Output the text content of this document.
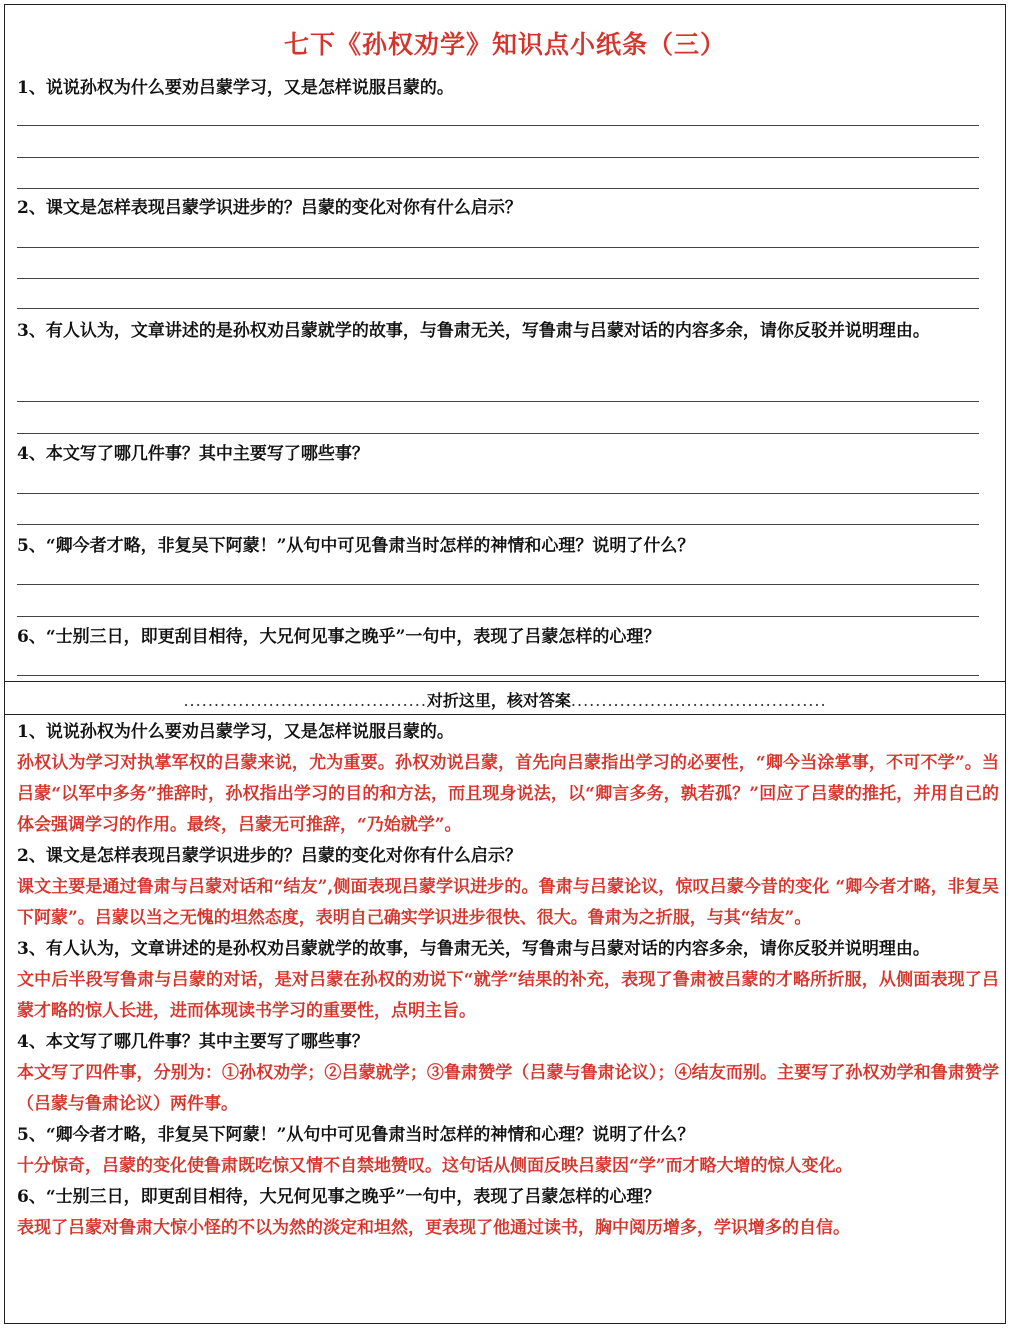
七下《孙权劝学》知识点小纸条（三）

1、说说孙权为什么要劝吕蒙学习，又是怎样说服吕蒙的。

2、课文是怎样表现吕蒙学识进步的？吕蒙的变化对你有什么启示？

3、有人认为，文章讲述的是孙权劝吕蒙就学的故事，与鲁肃无关，写鲁肃与吕蒙对话的内容多余，请你反驳并说明理由。

4、本文写了哪几件事？其中主要写了哪些事？

5、“卿今者才略，非复吴下阿蒙！”从句中可见鲁肃当时怎样的神情和心理？说明了什么？

6、“士别三日，即更刮目相待，大兄何见事之晚乎”一句中，表现了吕蒙怎样的心理？

........................................对折这里，核对答案..........................................

1、说说孙权为什么要劝吕蒙学习，又是怎样说服吕蒙的。

孙权认为学习对执掌军权的吕蒙来说，尤为重要。孙权劝说吕蒙，首先向吕蒙指出学习的必要性，“卿今当涂掌事，不可不学”。当吕蒙“以军中多务”推辞时，孙权指出学习的目的和方法，而且现身说法，以“卿言多务，孰若孤？”回应了吕蒙的推托，并用自己的体会强调学习的作用。最终，吕蒙无可推辞，“乃始就学”。

2、课文是怎样表现吕蒙学识进步的？吕蒙的变化对你有什么启示？

课文主要是通过鲁肃与吕蒙对话和“结友”,侧面表现吕蒙学识进步的。鲁肃与吕蒙论议，惊叹吕蒙今昔的变化 “卿今者才略，非复吴下阿蒙”。吕蒙以当之无愧的坦然态度，表明自己确实学识进步很快、很大。鲁肃为之折服，与其“结友”。

3、有人认为，文章讲述的是孙权劝吕蒙就学的故事，与鲁肃无关，写鲁肃与吕蒙对话的内容多余，请你反驳并说明理由。

文中后半段写鲁肃与吕蒙的对话，是对吕蒙在孙权的劝说下“就学”结果的补充，表现了鲁肃被吕蒙的才略所折服，从侧面表现了吕蒙才略的惊人长进，进而体现读书学习的重要性，点明主旨。

4、本文写了哪几件事？其中主要写了哪些事？

本文写了四件事，分别为：①孙权劝学；②吕蒙就学；③鲁肃赞学（吕蒙与鲁肃论议）；④结友而别。主要写了孙权劝学和鲁肃赞学（吕蒙与鲁肃论议）两件事。

5、“卿今者才略，非复吴下阿蒙！”从句中可见鲁肃当时怎样的神情和心理？说明了什么？

十分惊奇，吕蒙的变化使鲁肃既吃惊又情不自禁地赞叹。这句话从侧面反映吕蒙因“学”而才略大增的惊人变化。

6、“士别三日，即更刮目相待，大兄何见事之晚乎”一句中，表现了吕蒙怎样的心理？

表现了吕蒙对鲁肃大惊小怪的不以为然的淡定和坦然，更表现了他通过读书，胸中阅历增多，学识增多的自信。
